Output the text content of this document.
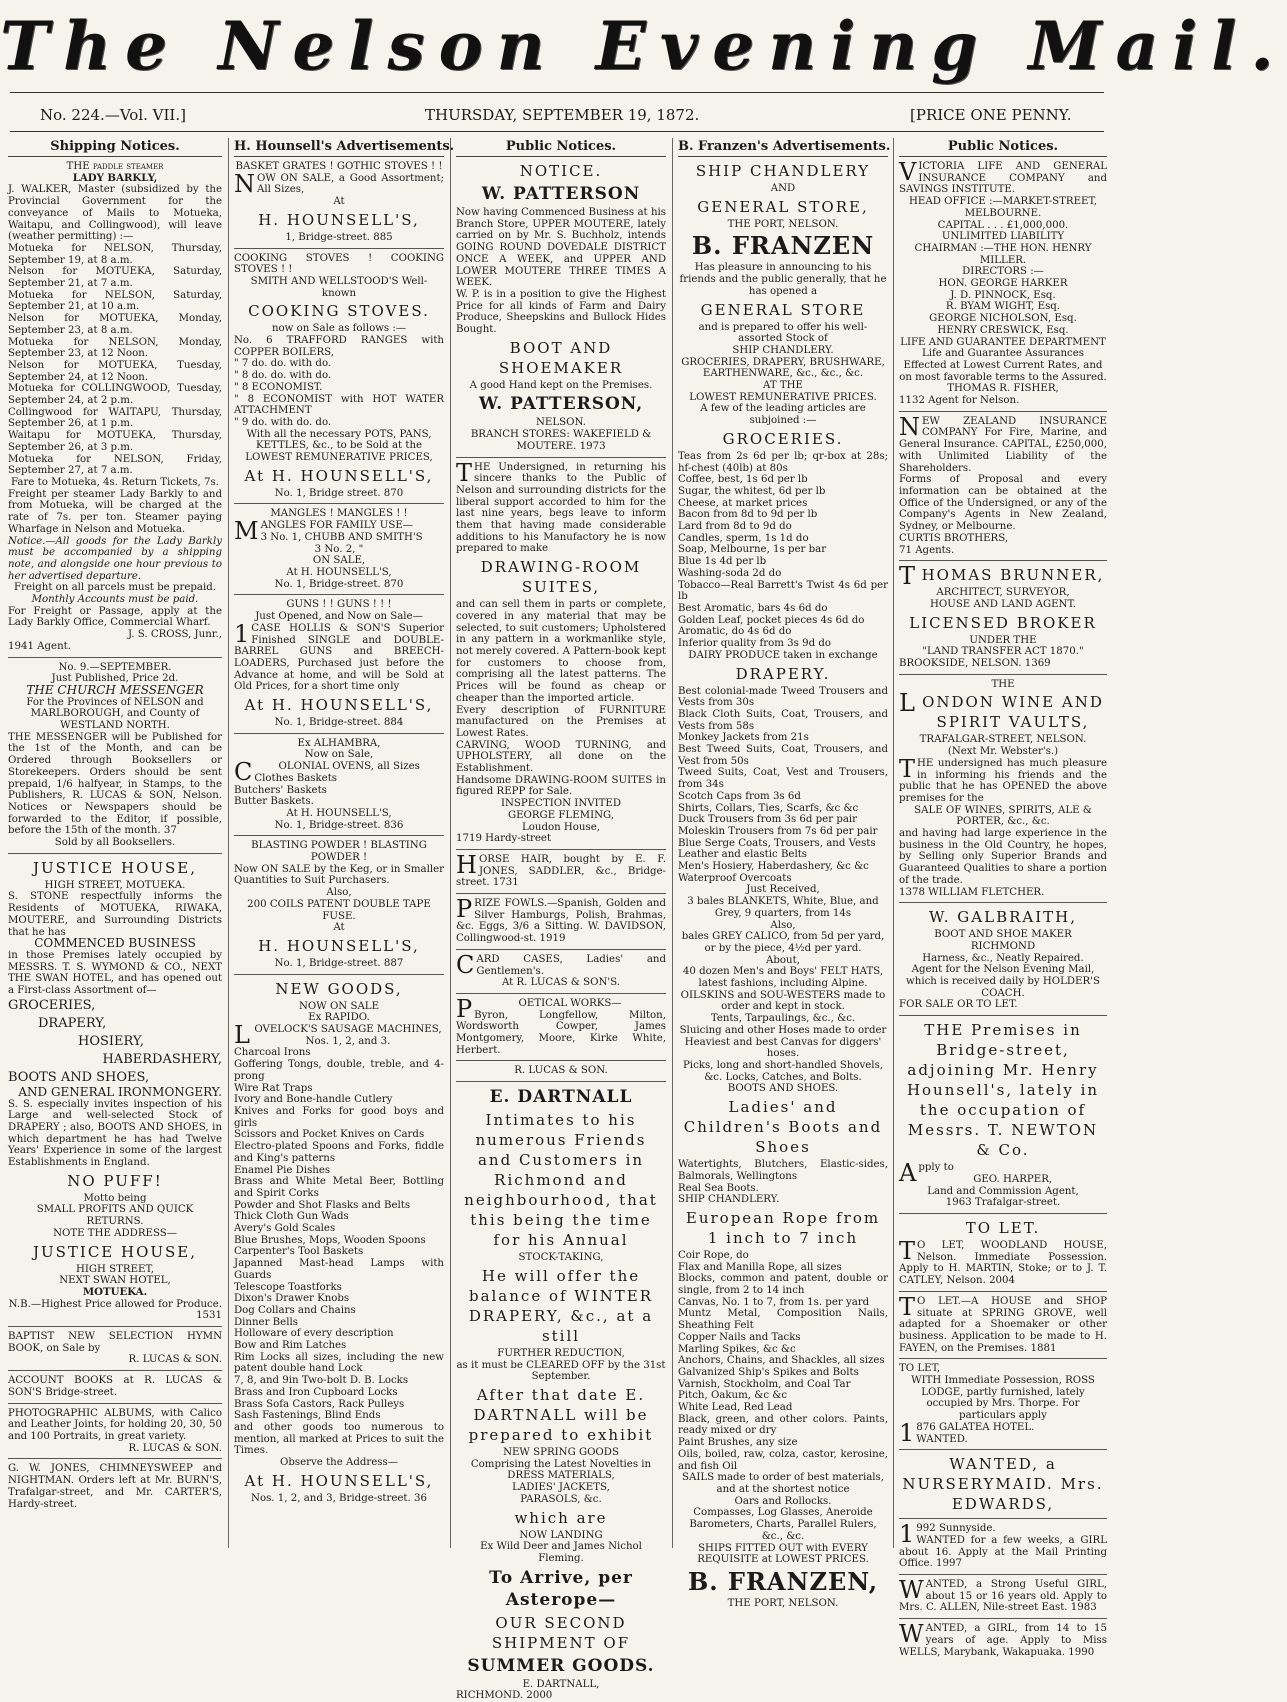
The Nelson Evening Mail.
No. 224.—Vol. VII.]	THURSDAY, SEPTEMBER 19, 1872.	[PRICE ONE PENNY.
Shipping Notices.
THE paddle steamer
LADY BARKLY,
J. WALKER, Master (subsidized by the Provincial Government for the conveyance of Mails to Motueka, Waitapu, and Collingwood), will leave (weather permitting) :—
Motueka for NELSON, Thursday, September 19, at 8 a.m.
Nelson for MOTUEKA, Saturday, September 21, at 7 a.m.
Motueka for NELSON, Saturday, September 21, at 10 a.m.
Nelson for MOTUEKA, Monday, September 23, at 8 a.m.
Motueka for NELSON, Monday, September 23, at 12 Noon.
Nelson for MOTUEKA, Tuesday, September 24, at 12 Noon.
Motueka for COLLINGWOOD, Tuesday, September 24, at 2 p.m.
Collingwood for WAITAPU, Thursday, September 26, at 1 p.m.
Waitapu for MOTUEKA, Thursday, September 26, at 3 p.m.
Motueka for NELSON, Friday, September 27, at 7 a.m.
Fare to Motueka, 4s. Return Tickets, 7s.
Freight per steamer Lady Barkly to and from Motueka, will be charged at the rate of 7s. per ton. Steamer paying Wharfage in Nelson and Motueka.
Notice.—All goods for the Lady Barkly must be accompanied by a shipping note, and alongside one hour previous to her advertised departure.
Freight on all parcels must be prepaid.
Monthly Accounts must be paid.
For Freight or Passage, apply at the Lady Barkly Office, Commercial Wharf.
J. S. CROSS, Junr.,
1941 Agent.
No. 9.—SEPTEMBER.
Just Published, Price 2d.
THE CHURCH MESSENGER
For the Provinces of NELSON and MARLBOROUGH, and County of WESTLAND NORTH.
THE MESSENGER will be Published for the 1st of the Month, and can be Ordered through Booksellers or Storekeepers. Orders should be sent prepaid, 1/6 halfyear, in Stamps, to the Publishers, R. LUCAS & SON, Nelson. Notices or Newspapers should be forwarded to the Editor, if possible, before the 15th of the month. 37
Sold by all Booksellers.
JUSTICE HOUSE,
HIGH STREET, MOTUEKA.
S. STONE respectfully informs the Residents of MOTUEKA, RIWAKA, MOUTERE, and Surrounding Districts that he has
COMMENCED BUSINESS
in those Premises lately occupied by MESSRS. T. S. WYMOND & CO., NEXT THE SWAN HOTEL, and has opened out a First-class Assortment of—
GROCERIES,
DRAPERY,
HOSIERY,
HABERDASHERY,
BOOTS AND SHOES,
AND GENERAL IRONMONGERY.
S. S. especially invites inspection of his Large and well-selected Stock of DRAPERY ; also, BOOTS AND SHOES, in which department he has had Twelve Years' Experience in some of the largest Establishments in England.
NO PUFF!
Motto being
SMALL PROFITS AND QUICK RETURNS.
NOTE THE ADDRESS—
JUSTICE HOUSE,
HIGH STREET,
NEXT SWAN HOTEL,
MOTUEKA.
N.B.—Highest Price allowed for Produce. 1531
BAPTIST NEW SELECTION HYMN BOOK, on Sale by
R. LUCAS & SON.
ACCOUNT BOOKS at R. LUCAS & SON'S Bridge-street.
PHOTOGRAPHIC ALBUMS, with Calico and Leather Joints, for holding 20, 30, 50 and 100 Portraits, in great variety.
R. LUCAS & SON.
G. W. JONES, CHIMNEYSWEEP and NIGHTMAN. Orders left at Mr. BURN'S, Trafalgar-street, and Mr. CARTER'S, Hardy-street.
H. Hounsell's Advertisements.
BASKET GRATES ! GOTHIC STOVES ! !
NOW ON SALE, a Good Assortment; All Sizes,
At
H. HOUNSELL'S,
1, Bridge-street. 885
COOKING STOVES ! COOKING STOVES ! !
SMITH AND WELLSTOOD'S Well-known
COOKING STOVES.
now on Sale as follows :—
No. 6 TRAFFORD RANGES with COPPER BOILERS,
" 7 do. do. with do.
" 8 do. do. with do.
" 8 ECONOMIST.
" 8 ECONOMIST with HOT WATER ATTACHMENT
" 9 do. with do. do.
With all the necessary POTS, PANS, KETTLES, &c., to be Sold at the LOWEST REMUNERATIVE PRICES,
At H. HOUNSELL'S,
No. 1, Bridge street. 870
MANGLES ! MANGLES ! !
MANGLES FOR FAMILY USE—
3 No. 1, CHUBB AND SMITH'S
3 No. 2, "
ON SALE,
At H. HOUNSELL'S,
No. 1, Bridge-street. 870
GUNS ! ! GUNS ! ! !
Just Opened, and Now on Sale—
1CASE HOLLIS & SON'S Superior Finished SINGLE and DOUBLE-BARREL GUNS and BREECH-LOADERS, Purchased just before the Advance at home, and will be Sold at Old Prices, for a short time only
At H. HOUNSELL'S,
No. 1, Bridge-street. 884
Ex ALHAMBRA,
Now on Sale,
COLONIAL OVENS, all Sizes
Clothes Baskets
Butchers' Baskets
Butter Baskets.
At H. HOUNSELL'S,
No. 1, Bridge-street. 836
BLASTING POWDER ! BLASTING POWDER !
Now ON SALE by the Keg, or in Smaller Quantities to Suit Purchasers.
Also,
200 COILS PATENT DOUBLE TAPE FUSE.
At
H. HOUNSELL'S,
No. 1, Bridge-street. 887
NEW GOODS,
NOW ON SALE
Ex RAPIDO.
LOVELOCK'S SAUSAGE MACHINES, Nos. 1, 2, and 3.
Charcoal Irons
Goffering Tongs, double, treble, and 4-prong
Wire Rat Traps
Ivory and Bone-handle Cutlery
Knives and Forks for good boys and girls
Scissors and Pocket Knives on Cards
Electro-plated Spoons and Forks, fiddle and King's patterns
Enamel Pie Dishes
Brass and White Metal Beer, Bottling and Spirit Corks
Powder and Shot Flasks and Belts
Thick Cloth Gun Wads
Avery's Gold Scales
Blue Brushes, Mops, Wooden Spoons
Carpenter's Tool Baskets
Japanned Mast-head Lamps with Guards
Telescope Toastforks
Dixon's Drawer Knobs
Dog Collars and Chains
Dinner Bells
Holloware of every description
Bow and Rim Latches
Rim Locks all sizes, including the new patent double hand Lock
7, 8, and 9in Two-bolt D. B. Locks
Brass and Iron Cupboard Locks
Brass Sofa Castors, Rack Pulleys
Sash Fastenings, Blind Ends
and other goods too numerous to mention, all marked at Prices to suit the Times.
Observe the Address—
At H. HOUNSELL'S,
Nos. 1, 2, and 3, Bridge-street. 36
Public Notices.
NOTICE.
W. PATTERSON
Now having Commenced Business at his Branch Store, UPPER MOUTERE, lately carried on by Mr. S. Buchholz, intends GOING ROUND DOVEDALE DISTRICT ONCE A WEEK, and UPPER AND LOWER MOUTERE THREE TIMES A WEEK.
W. P. is in a position to give the Highest Price for all kinds of Farm and Dairy Produce, Sheepskins and Bullock Hides Bought.
BOOT AND SHOEMAKER
A good Hand kept on the Premises.
W. PATTERSON,
NELSON.
BRANCH STORES: WAKEFIELD & MOUTERE. 1973
THE Undersigned, in returning his sincere thanks to the Public of Nelson and surrounding districts for the liberal support accorded to him for the last nine years, begs leave to inform them that having made considerable additions to his Manufactory he is now prepared to make
DRAWING-ROOM SUITES,
and can sell them in parts or complete, covered in any material that may be selected, to suit customers; Upholstered in any pattern in a workmanlike style, not merely covered. A Pattern-book kept for customers to choose from, comprising all the latest patterns. The Prices will be found as cheap or cheaper than the imported article.
Every description of FURNITURE manufactured on the Premises at Lowest Rates.
CARVING, WOOD TURNING, and UPHOLSTERY, all done on the Establishment.
Handsome DRAWING-ROOM SUITES in figured REPP for Sale.
INSPECTION INVITED
GEORGE FLEMING,
Loudon House,
1719 Hardy-street
HORSE HAIR, bought by E. F. JONES, SADDLER, &c., Bridge-street. 1731
PRIZE FOWLS.—Spanish, Golden and Silver Hamburgs, Polish, Brahmas, &c. Eggs, 3/6 a Sitting. W. DAVIDSON, Collingwood-st. 1919
CARD CASES, Ladies' and Gentlemen's.
At R. LUCAS & SON'S.
POETICAL WORKS—
Byron, Longfellow, Milton, Wordsworth Cowper, James Montgomery, Moore, Kirke White, Herbert.
R. LUCAS & SON.
E. DARTNALL
Intimates to his numerous Friends and Customers in Richmond and neighbourhood, that this being the time for his Annual
STOCK-TAKING,
He will offer the balance of WINTER DRAPERY, &c., at a still
FURTHER REDUCTION,
as it must be CLEARED OFF by the 31st September.
After that date E. DARTNALL will be prepared to exhibit
NEW SPRING GOODS
Comprising the Latest Novelties in
DRESS MATERIALS,
LADIES' JACKETS,
PARASOLS, &c.
which are
NOW LANDING
Ex Wild Deer and James Nichol Fleming.
To Arrive, per Asterope—
OUR SECOND SHIPMENT OF
SUMMER GOODS.
E. DARTNALL,
RICHMOND. 2000
B. Franzen's Advertisements.
SHIP CHANDLERY
AND
GENERAL STORE,
THE PORT, NELSON.
B. FRANZEN
Has pleasure in announcing to his friends and the public generally, that he has opened a
GENERAL STORE
and is prepared to offer his well-assorted Stock of
SHIP CHANDLERY.
GROCERIES, DRAPERY, BRUSHWARE,
EARTHENWARE, &c., &c., &c.
AT THE
LOWEST REMUNERATIVE PRICES.
A few of the leading articles are subjoined :—
GROCERIES.
Teas from 2s 6d per lb; qr-box at 28s; hf-chest (40lb) at 80s
Coffee, best, 1s 6d per lb
Sugar, the whitest, 6d per lb
Cheese, at market prices
Bacon from 8d to 9d per lb
Lard from 8d to 9d do
Candles, sperm, 1s 1d do
Soap, Melbourne, 1s per bar
Blue 1s 4d per lb
Washing-soda 2d do
Tobacco—Real Barrett's Twist 4s 6d per lb
Best Aromatic, bars 4s 6d do
Golden Leaf, pocket pieces 4s 6d do
Aromatic, do 4s 6d do
Inferior quality from 3s 9d do
DAIRY PRODUCE taken in exchange
DRAPERY.
Best colonial-made Tweed Trousers and Vests from 30s
Black Cloth Suits, Coat, Trousers, and Vests from 58s
Monkey Jackets from 21s
Best Tweed Suits, Coat, Trousers, and Vest from 50s
Tweed Suits, Coat, Vest and Trousers, from 34s
Scotch Caps from 3s 6d
Shirts, Collars, Ties, Scarfs, &c &c
Duck Trousers from 3s 6d per pair
Moleskin Trousers from 7s 6d per pair
Blue Serge Coats, Trousers, and Vests
Leather and elastic Belts
Men's Hosiery, Haberdashery, &c &c
Waterproof Overcoats
Just Received,
3 bales BLANKETS, White, Blue, and Grey, 9 quarters, from 14s
Also,
bales GREY CALICO, from 5d per yard, or by the piece, 4½d per yard.
About,
40 dozen Men's and Boys' FELT HATS, latest fashions, including Alpine.
OILSKINS and SOU-WESTERS made to order and kept in stock.
Tents, Tarpaulings, &c., &c.
Sluicing and other Hoses made to order
Heaviest and best Canvas for diggers' hoses.
Picks, long and short-handled Shovels, &c. Locks, Catches, and Bolts.
BOOTS AND SHOES.
Ladies' and Children's Boots and Shoes
Watertights, Blutchers, Elastic-sides, Balmorals, Wellingtons
Real Sea Boots.
SHIP CHANDLERY.
European Rope from 1 inch to 7 inch
Coir Rope, do
Flax and Manilla Rope, all sizes
Blocks, common and patent, double or single, from 2 to 14 inch
Canvas, No. 1 to 7, from 1s. per yard
Muntz Metal, Composition Nails, Sheathing Felt
Copper Nails and Tacks
Marling Spikes, &c &c
Anchors, Chains, and Shackles, all sizes
Galvanized Ship's Spikes and Bolts
Varnish, Stockholm, and Coal Tar
Pitch, Oakum, &c &c
White Lead, Red Lead
Black, green, and other colors. Paints, ready mixed or dry
Paint Brushes, any size
Oils, boiled, raw, colza, castor, kerosine, and fish Oil
SAILS made to order of best materials, and at the shortest notice
Oars and Rollocks.
Compasses, Log Glasses, Aneroide Barometers, Charts, Parallel Rulers, &c., &c.
SHIPS FITTED OUT with EVERY REQUISITE at LOWEST PRICES.
B. FRANZEN,
THE PORT, NELSON.
Public Notices.
VICTORIA LIFE AND GENERAL INSURANCE COMPANY and SAVINGS INSTITUTE.
HEAD OFFICE :—MARKET-STREET, MELBOURNE.
CAPITAL . . . £1,000,000.
UNLIMITED LIABILITY
CHAIRMAN :—THE HON. HENRY MILLER.
DIRECTORS :—
HON. GEORGE HARKER
J. D. PINNOCK, Esq.
R. BYAM WIGHT, Esq.
GEORGE NICHOLSON, Esq.
HENRY CRESWICK, Esq.
LIFE AND GUARANTEE DEPARTMENT
Life and Guarantee Assurances Effected at Lowest Current Rates, and on most favorable terms to the Assured.
THOMAS R. FISHER,
1132 Agent for Nelson.
NEW ZEALAND INSURANCE COMPANY For Fire, Marine, and General Insurance. CAPITAL, £250,000, with Unlimited Liability of the Shareholders.
Forms of Proposal and every information can be obtained at the Office of the Undersigned, or any of the Company's Agents in New Zealand, Sydney, or Melbourne.
CURTIS BROTHERS,
71 Agents.
THOMAS BRUNNER,
ARCHITECT, SURVEYOR,
HOUSE AND LAND AGENT.
LICENSED BROKER
UNDER THE
"LAND TRANSFER ACT 1870."
BROOKSIDE, NELSON. 1369
THE
LONDON WINE AND SPIRIT VAULTS,
TRAFALGAR-STREET, NELSON.
(Next Mr. Webster's.)
THE undersigned has much pleasure in informing his friends and the public that he has OPENED the above premises for the
SALE OF WINES, SPIRITS, ALE & PORTER, &c., &c.
and having had large experience in the business in the Old Country, he hopes, by Selling only Superior Brands and Guaranteed Qualities to share a portion of the trade.
1378 WILLIAM FLETCHER.
W. GALBRAITH,
BOOT AND SHOE MAKER
RICHMOND
Harness, &c., Neatly Repaired.
Agent for the Nelson Evening Mail, which is received daily by HOLDER'S COACH.
FOR SALE OR TO LET.
THE Premises in Bridge-street, adjoining Mr. Henry Hounsell's, lately in the occupation of Messrs. T. NEWTON & Co.
Apply to
GEO. HARPER,
Land and Commission Agent,
1963 Trafalgar-street.
TO LET.
TO LET, WOODLAND HOUSE, Nelson. Immediate Possession. Apply to H. MARTIN, Stoke; or to J. T. CATLEY, Nelson. 2004
TO LET.—A HOUSE and SHOP situate at SPRING GROVE, well adapted for a Shoemaker or other business. Application to be made to H. FAYEN, on the Premises. 1881
TO LET,
WITH Immediate Possession, ROSS LODGE, partly furnished, lately occupied by Mrs. Thorpe. For particulars apply
1876 GALATEA HOTEL.
WANTED.
WANTED, a NURSERYMAID. Mrs. EDWARDS,
1992 Sunnyside.
WANTED for a few weeks, a GIRL about 16. Apply at the Mail Printing Office. 1997
WANTED, a Strong Useful GIRL, about 15 or 16 years old. Apply to Mrs. C. ALLEN, Nile-street East. 1983
WANTED, a GIRL, from 14 to 15 years of age. Apply to Miss WELLS, Marybank, Wakapuaka. 1990
